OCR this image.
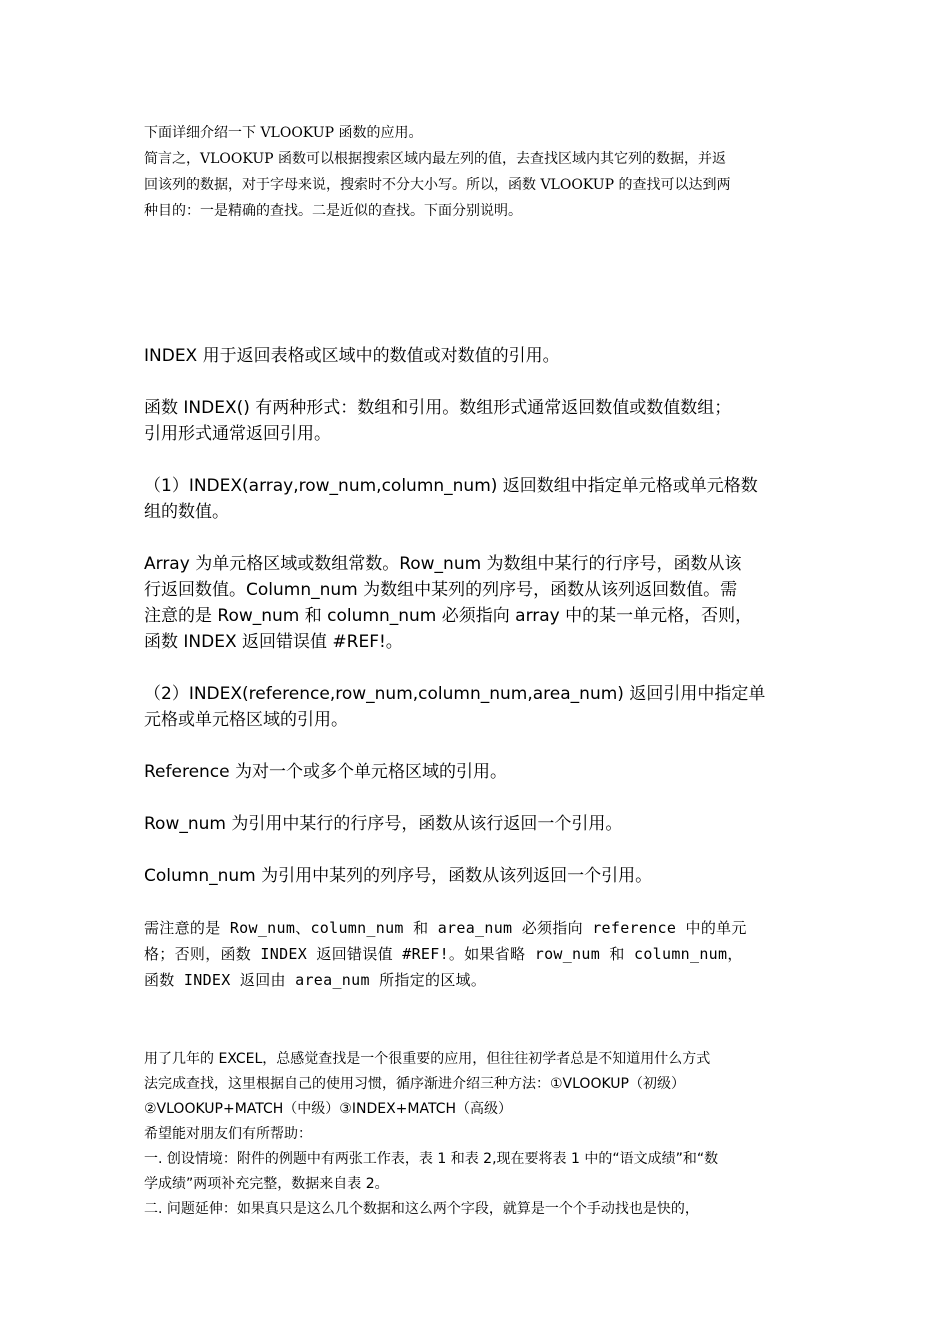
下面详细介绍一下 VLOOKUP 函数的应用。

简言之，VLOOKUP 函数可以根据搜索区域内最左列的值，去查找区域内其它列的数据，并返

回该列的数据，对于字母来说，搜索时不分大小写。所以，函数 VLOOKUP 的查找可以达到两

种目的：一是精确的查找。二是近似的查找。下面分别说明。

INDEX 用于返回表格或区域中的数值或对数值的引用。

函数 INDEX() 有两种形式：数组和引用。数组形式通常返回数值或数值数组；

引用形式通常返回引用。

（1）INDEX(array,row_num,column_num) 返回数组中指定单元格或单元格数

组的数值。

Array 为单元格区域或数组常数。Row_num 为数组中某行的行序号，函数从该

行返回数值。Column_num 为数组中某列的列序号，函数从该列返回数值。需

注意的是 Row_num 和 column_num 必须指向 array 中的某一单元格，否则，

函数 INDEX 返回错误值 #REF!。

（2）INDEX(reference,row_num,column_num,area_num) 返回引用中指定单

元格或单元格区域的引用。

Reference 为对一个或多个单元格区域的引用。

Row_num 为引用中某行的行序号，函数从该行返回一个引用。

Column_num 为引用中某列的列序号，函数从该列返回一个引用。

需注意的是 Row_num、column_num 和 area_num 必须指向 reference 中的单元

格；否则，函数 INDEX 返回错误值 #REF!。如果省略 row_num 和 column_num，

函数 INDEX 返回由 area_num 所指定的区域。

用了几年的 EXCEL，总感觉查找是一个很重要的应用，但往往初学者总是不知道用什么方式

法完成查找，这里根据自己的使用习惯，循序渐进介绍三种方法：①VLOOKUP（初级）

②VLOOKUP+MATCH（中级）③INDEX+MATCH（高级）

希望能对朋友们有所帮助：

一. 创设情境：附件的例题中有两张工作表，表 1 和表 2,现在要将表 1 中的“语文成绩”和“数

学成绩”两项补充完整，数据来自表 2。

二. 问题延伸：如果真只是这么几个数据和这么两个字段，就算是一个个手动找也是快的，
